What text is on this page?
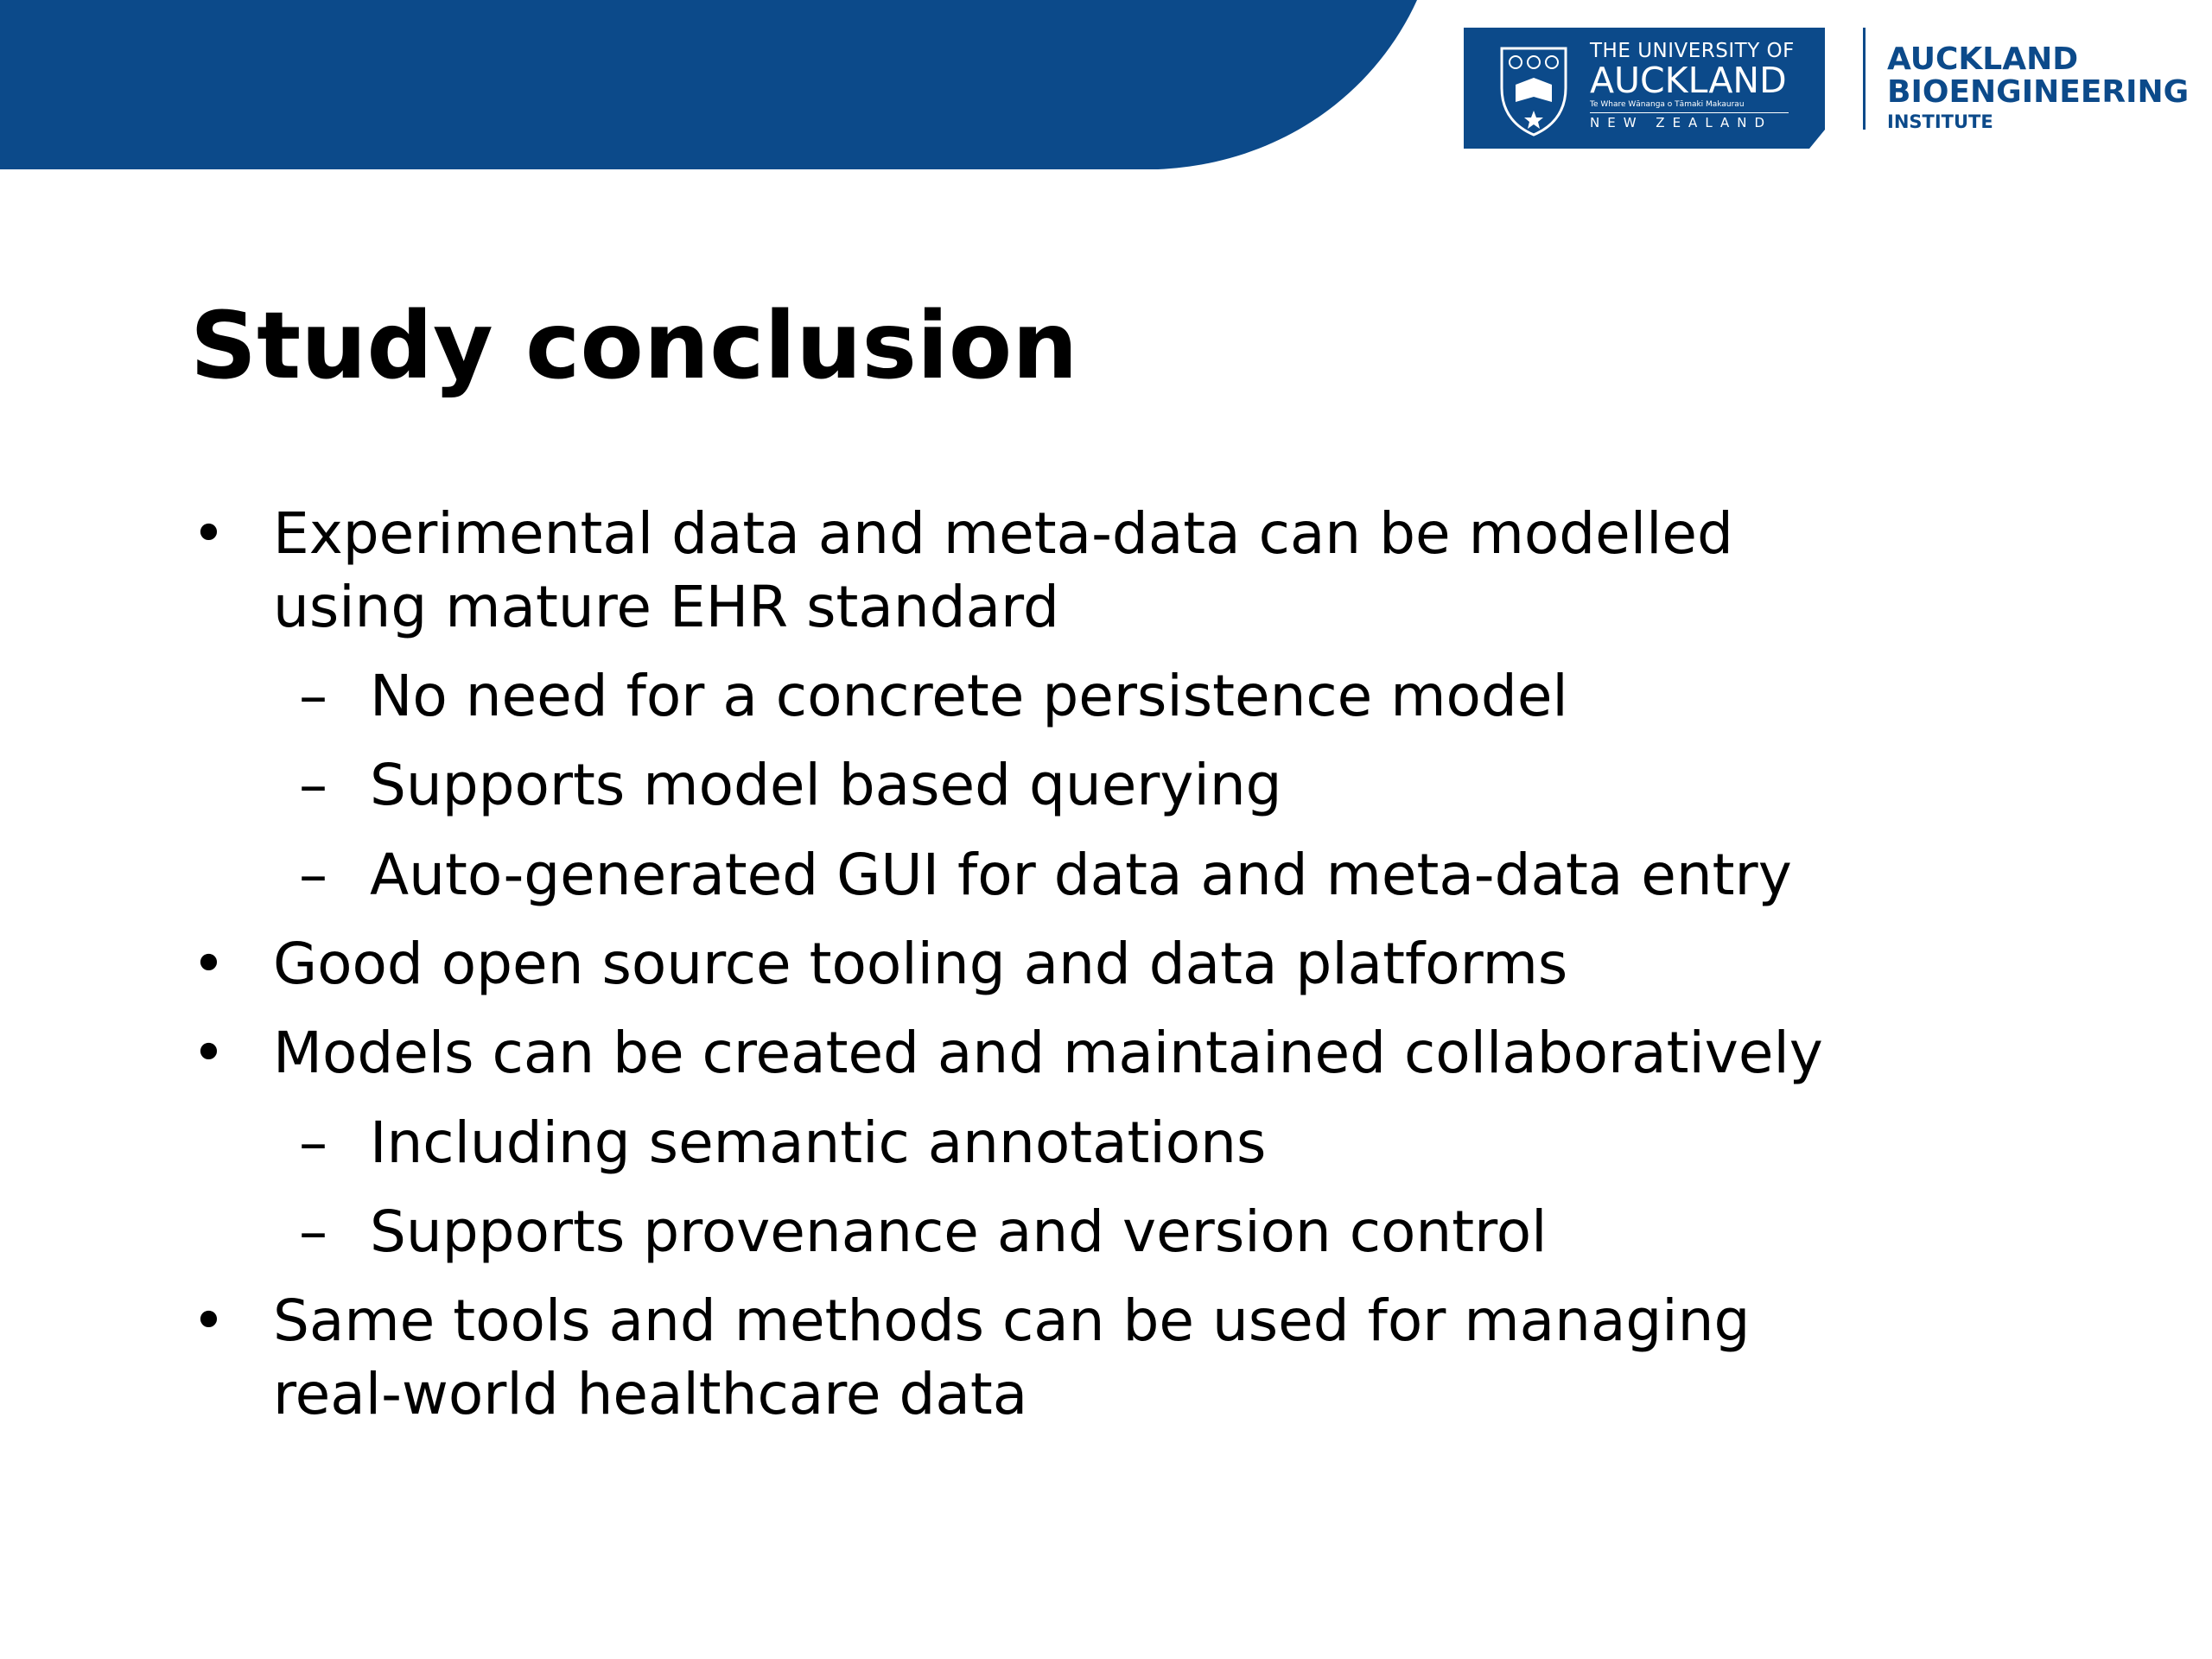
THE UNIVERSITY OF
AUCKLAND
Te Whare Wānanga o Tāmaki Makaurau
NEW ZEALAND
AUCKLAND
BIOENGINEERING
INSTITUTE
Study conclusion
• Experimental data and meta-data can be modelled
using mature EHR standard
– No need for a concrete persistence model
– Supports model based querying
– Auto-generated GUI for data and meta-data entry
• Good open source tooling and data platforms
• Models can be created and maintained collaboratively
– Including semantic annotations
– Supports provenance and version control
• Same tools and methods can be used for managing
real-world healthcare data
